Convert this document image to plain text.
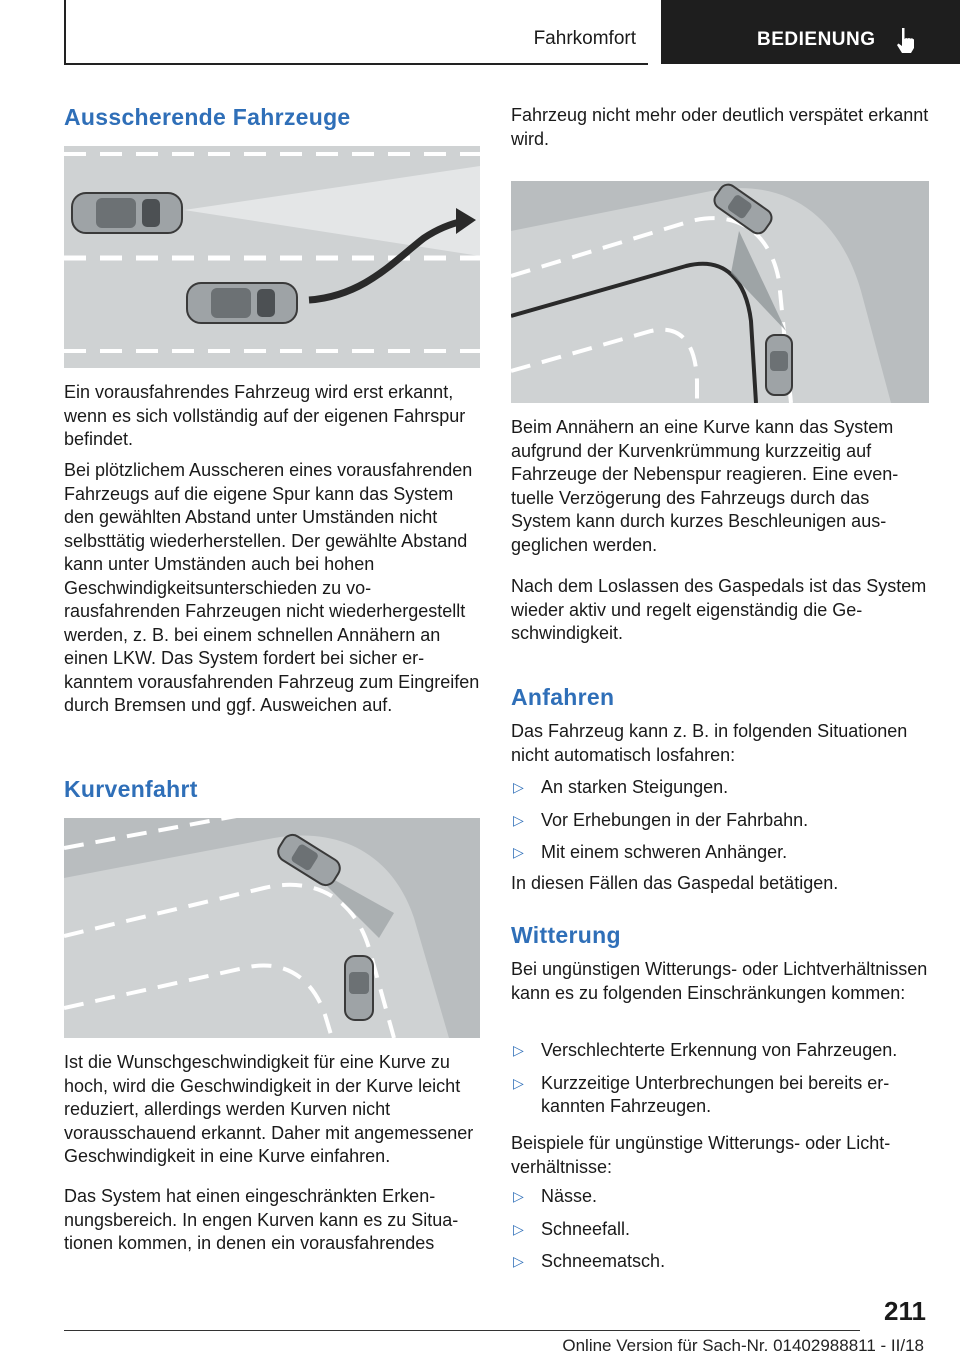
Fahrkomfort	BEDIENUNG
Ausscherende Fahrzeuge

Ein vorausfahrendes Fahrzeug wird erst erkannt, wenn es sich vollständig auf der eigenen Fahrspur befindet.

Bei plötzlichem Ausscheren eines vorausfahrenden Fahrzeugs auf die eigene Spur kann das System den gewählten Abstand unter Umständen nicht selbsttätig wiederherstellen. Der gewählte Abstand kann unter Umständen auch bei hohen Geschwindigkeitsunterschieden zu vorausfahrenden Fahrzeugen nicht wiederhergestellt werden, z. B. bei einem schnellen Annähern an einen LKW. Das System fordert bei sicher erkanntem vorausfahrenden Fahrzeug zum Eingreifen durch Bremsen und ggf. Ausweichen auf.

Kurvenfahrt

Ist die Wunschgeschwindigkeit für eine Kurve zu hoch, wird die Geschwindigkeit in der Kurve leicht reduziert, allerdings werden Kurven nicht vorausschauend erkannt. Daher mit angemessener Geschwindigkeit in eine Kurve einfahren.

Das System hat einen eingeschränkten Erkennungsbereich. In engen Kurven kann es zu Situationen kommen, in denen ein vorausfahrendes

Fahrzeug nicht mehr oder deutlich verspätet erkannt wird.

Beim Annähern an eine Kurve kann das System aufgrund der Kurvenkrümmung kurzzeitig auf Fahrzeuge der Nebenspur reagieren. Eine eventuelle Verzögerung des Fahrzeugs durch das System kann durch kurzes Beschleunigen ausgeglichen werden.

Nach dem Loslassen des Gaspedals ist das System wieder aktiv und regelt eigenständig die Geschwindigkeit.

Anfahren

Das Fahrzeug kann z. B. in folgenden Situationen nicht automatisch losfahren:

▷ An starken Steigungen.
▷ Vor Erhebungen in der Fahrbahn.
▷ Mit einem schweren Anhänger.

In diesen Fällen das Gaspedal betätigen.

Witterung

Bei ungünstigen Witterungs- oder Lichtverhältnissen kann es zu folgenden Einschränkungen kommen:

▷ Verschlechterte Erkennung von Fahrzeugen.
▷ Kurzzeitige Unterbrechungen bei bereits erkannten Fahrzeugen.

Beispiele für ungünstige Witterungs- oder Lichtverhältnisse:

▷ Nässe.
▷ Schneefall.
▷ Schneematsch.
211
Online Version für Sach-Nr. 01402988811 - II/18
